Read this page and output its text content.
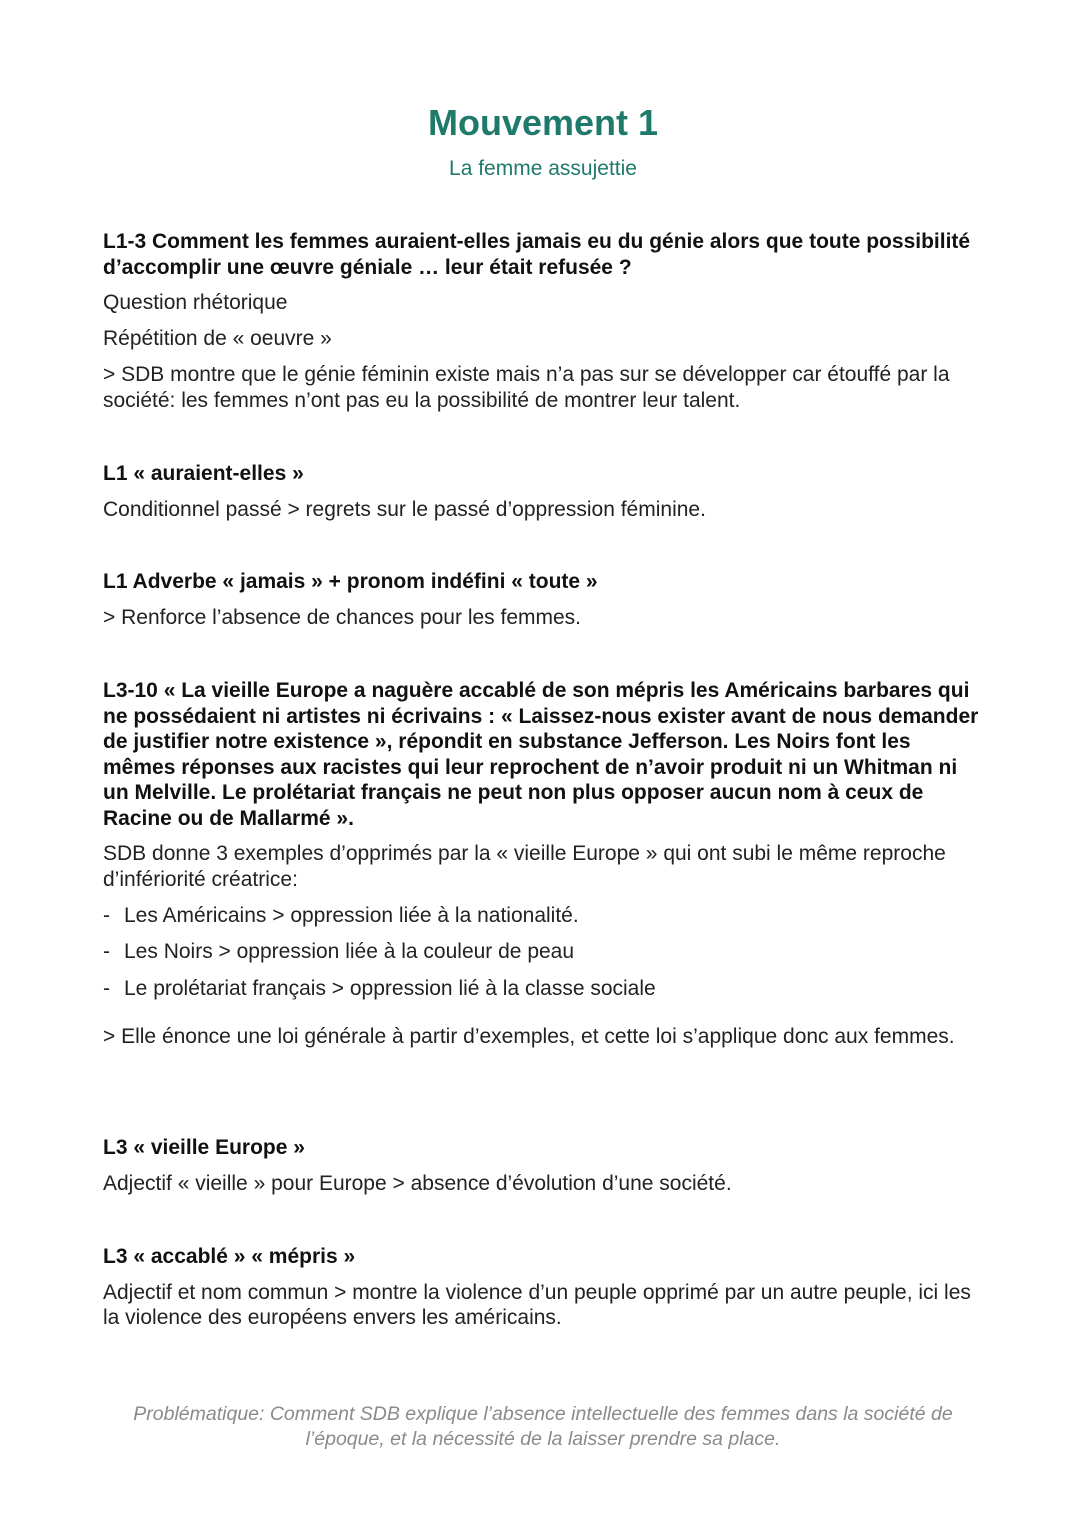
Mouvement 1
La femme assujettie
L1-3 Comment les femmes auraient-elles jamais eu du génie alors que toute possibilité d’accomplir une œuvre géniale … leur était refusée ?
Question rhétorique
Répétition de « oeuvre »
> SDB montre que le génie féminin existe mais n’a pas sur se développer car étouffé par la société: les femmes n’ont pas eu la possibilité de montrer leur talent.
L1 « auraient-elles »
Conditionnel passé > regrets sur le passé d’oppression féminine.
L1 Adverbe « jamais » + pronom indéfini « toute »
> Renforce l’absence de chances pour les femmes.
L3-10 « La vieille Europe a naguère accablé de son mépris les Américains barbares qui ne possédaient ni artistes ni écrivains : « Laissez-nous exister avant de nous demander de justifier notre existence », répondit en substance Jefferson. Les Noirs font les mêmes réponses aux racistes qui leur reprochent de n’avoir produit ni un Whitman ni un Melville. Le prolétariat français ne peut non plus opposer aucun nom à ceux de Racine ou de Mallarmé ».
SDB donne 3 exemples d’opprimés par la « vieille Europe » qui ont subi le même reproche d’infériorité créatrice:
- Les Américains > oppression liée à la nationalité.
- Les Noirs > oppression liée à la couleur de peau
- Le prolétariat français > oppression lié à la classe sociale
> Elle énonce une loi générale à partir d’exemples, et cette loi s’applique donc aux femmes.
L3 « vieille Europe »
Adjectif « vieille » pour Europe > absence d’évolution d’une société.
L3 « accablé » « mépris »
Adjectif et nom commun > montre la violence d’un peuple opprimé par un autre peuple, ici les la violence des européens envers les américains.
Problématique: Comment SDB explique l’absence intellectuelle des femmes dans la société de l’époque, et la nécessité de la laisser prendre sa place.
